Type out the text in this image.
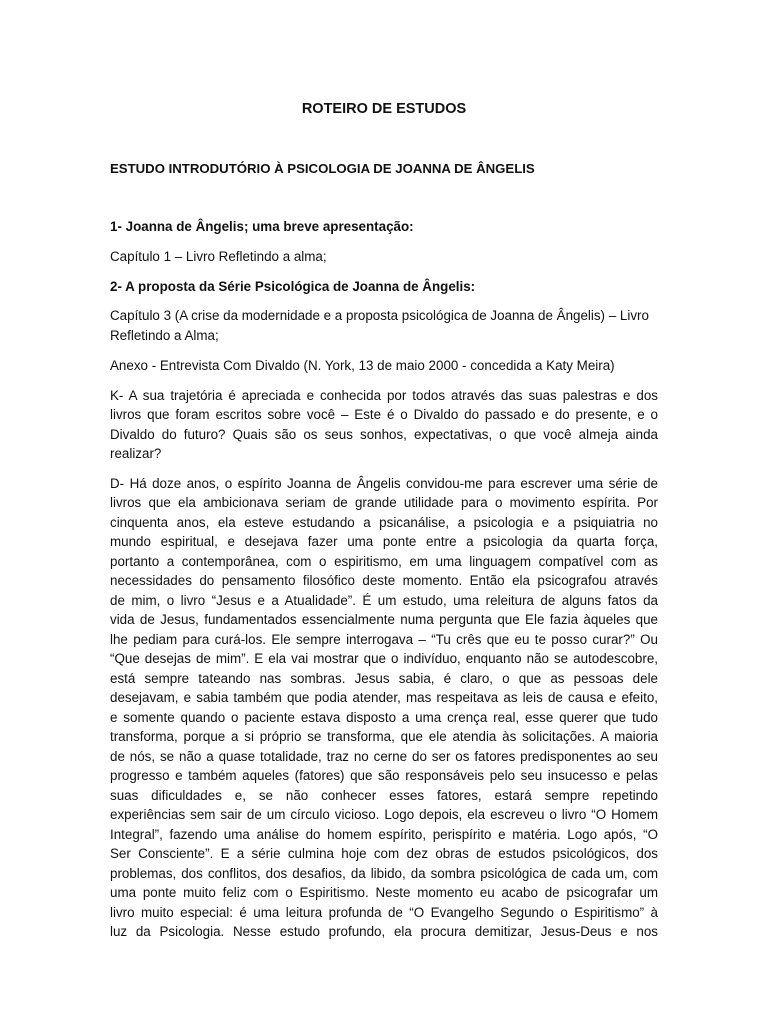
ROTEIRO DE ESTUDOS

ESTUDO INTRODUTÓRIO À PSICOLOGIA DE JOANNA DE ÂNGELIS

1- Joanna de Ângelis; uma breve apresentação:

Capítulo 1 – Livro Refletindo a alma;

2- A proposta da Série Psicológica de Joanna de Ângelis:

Capítulo 3 (A crise da modernidade e a proposta psicológica de Joanna de Ângelis) – Livro Refletindo a Alma;

Anexo - Entrevista Com Divaldo (N. York, 13 de maio 2000 - concedida a Katy Meira)

K- A sua trajetória é apreciada e conhecida por todos através das suas palestras e dos
livros que foram escritos sobre você – Este é o Divaldo do passado e do presente, e o
Divaldo do futuro? Quais são os seus sonhos, expectativas, o que você almeja ainda
realizar?
D- Há doze anos, o espírito Joanna de Ângelis convidou-me para escrever uma série de
livros que ela ambicionava seriam de grande utilidade para o movimento espírita. Por
cinquenta anos, ela esteve estudando a psicanálise, a psicologia e a psiquiatria no
mundo espiritual, e desejava fazer uma ponte entre a psicologia da quarta força,
portanto a contemporânea, com o espiritismo, em uma linguagem compatível com as
necessidades do pensamento filosófico deste momento. Então ela psicografou através
de mim, o livro “Jesus e a Atualidade”. É um estudo, uma releitura de alguns fatos da
vida de Jesus, fundamentados essencialmente numa pergunta que Ele fazia àqueles que
lhe pediam para curá-los. Ele sempre interrogava – “Tu crês que eu te posso curar?” Ou
“Que desejas de mim”. E ela vai mostrar que o indivíduo, enquanto não se autodescobre,
está sempre tateando nas sombras. Jesus sabia, é claro, o que as pessoas dele
desejavam, e sabia também que podia atender, mas respeitava as leis de causa e efeito,
e somente quando o paciente estava disposto a uma crença real, esse querer que tudo
transforma, porque a si próprio se transforma, que ele atendia às solicitações. A maioria
de nós, se não a quase totalidade, traz no cerne do ser os fatores predisponentes ao seu
progresso e também aqueles (fatores) que são responsáveis pelo seu insucesso e pelas
suas dificuldades e, se não conhecer esses fatores, estará sempre repetindo
experiências sem sair de um círculo vicioso. Logo depois, ela escreveu o livro “O Homem
Integral”, fazendo uma análise do homem espírito, perispírito e matéria. Logo após, “O
Ser Consciente”. E a série culmina hoje com dez obras de estudos psicológicos, dos
problemas, dos conflitos, dos desafios, da libido, da sombra psicológica de cada um, com
uma ponte muito feliz com o Espiritismo. Neste momento eu acabo de psicografar um
livro muito especial: é uma leitura profunda de “O Evangelho Segundo o Espiritismo” à
luz da Psicologia. Nesse estudo profundo, ela procura demitizar, Jesus-Deus e nos
